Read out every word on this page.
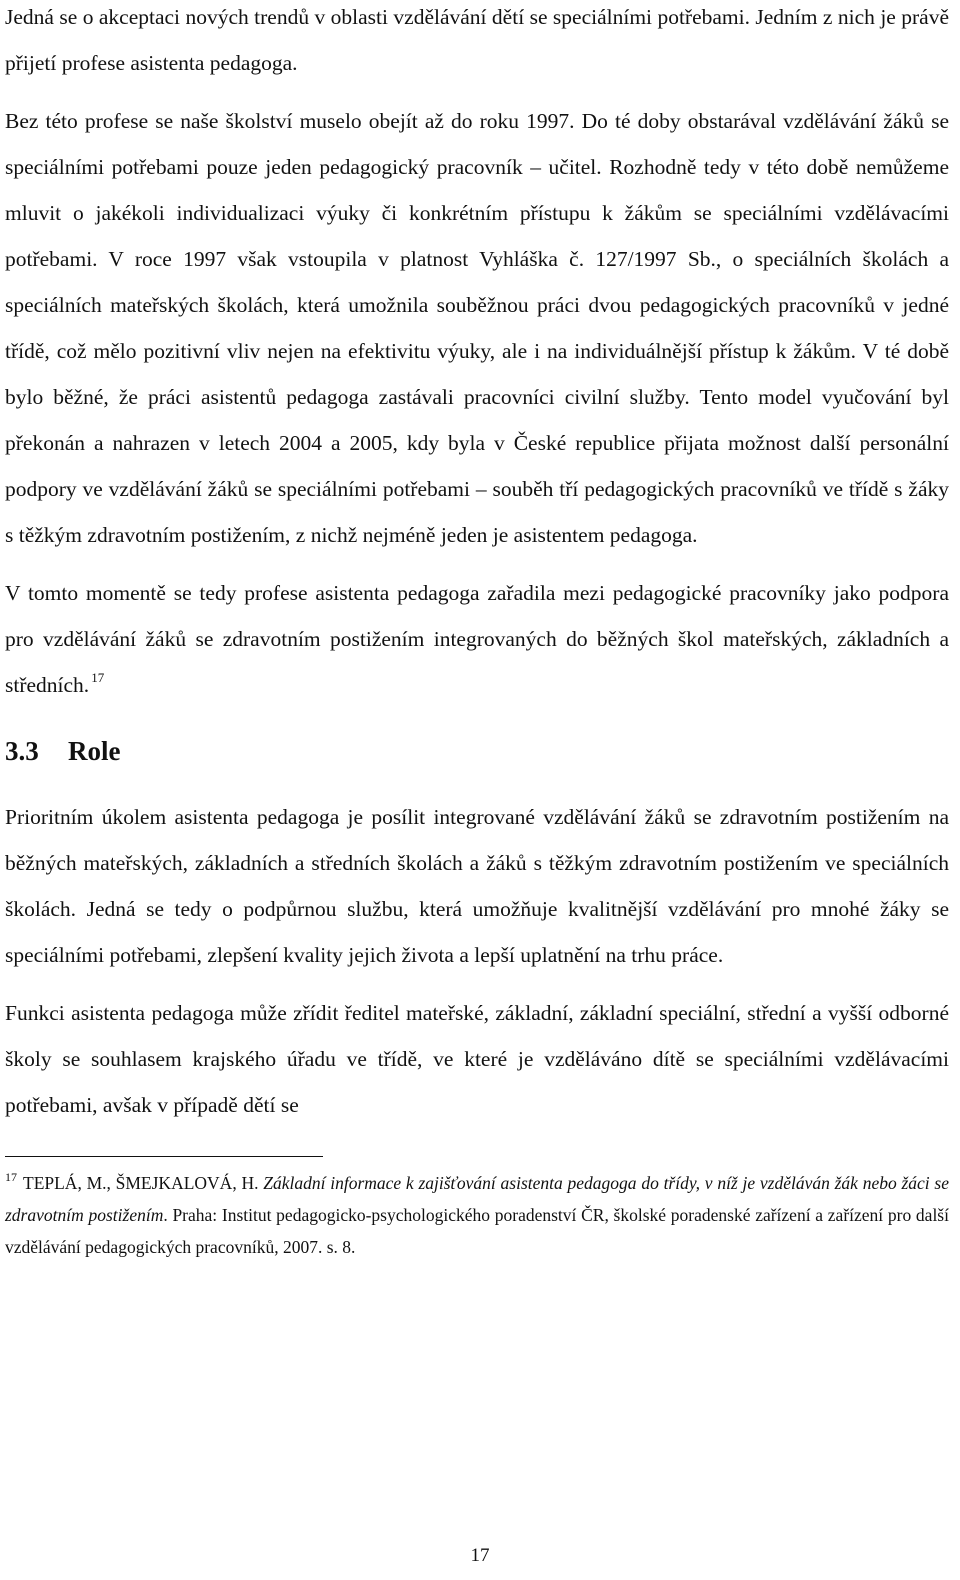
Jedná se o akceptaci nových trendů v oblasti vzdělávání dětí se speciálními potřebami. Jedním z nich je právě přijetí profese asistenta pedagoga.

Bez této profese se naše školství muselo obejít až do roku 1997. Do té doby obstarával vzdělávání žáků se speciálními potřebami pouze jeden pedagogický pracovník – učitel. Rozhodně tedy v této době nemůžeme mluvit o jakékoli individualizaci výuky či konkrétním přístupu k žákům se speciálními vzdělávacími potřebami. V roce 1997 však vstoupila v platnost Vyhláška č. 127/1997 Sb., o speciálních školách a speciálních mateřských školách, která umožnila souběžnou práci dvou pedagogických pracovníků v jedné třídě, což mělo pozitivní vliv nejen na efektivitu výuky, ale i na individuálnější přístup k žákům. V té době bylo běžné, že práci asistentů pedagoga zastávali pracovníci civilní služby. Tento model vyučování byl překonán a nahrazen v letech 2004 a 2005, kdy byla v České republice přijata možnost další personální podpory ve vzdělávání žáků se speciálními potřebami – souběh tří pedagogických pracovníků ve třídě s žáky s těžkým zdravotním postižením, z nichž nejméně jeden je asistentem pedagoga.

V tomto momentě se tedy profese asistenta pedagoga zařadila mezi pedagogické pracovníky jako podpora pro vzdělávání žáků se zdravotním postižením integrovaných do běžných škol mateřských, základních a středních. $^{17}$

3.3 Role

Prioritním úkolem asistenta pedagoga je posílit integrované vzdělávání žáků se zdravotním postižením na běžných mateřských, základních a středních školách a žáků s těžkým zdravotním postižením ve speciálních školách. Jedná se tedy o podpůrnou službu, která umožňuje kvalitnější vzdělávání pro mnohé žáky se speciálními potřebami, zlepšení kvality jejich života a lepší uplatnění na trhu práce.

Funkci asistenta pedagoga může zřídit ředitel mateřské, základní, základní speciální, střední a vyšší odborné školy se souhlasem krajského úřadu ve třídě, ve které je vzděláváno dítě se speciálními vzdělávacími potřebami, avšak v případě dětí se

$^{17}$ TEPLÁ, M., ŠMEJKALOVÁ, H. Základní informace k zajišťování asistenta pedagoga do třídy, v níž je vzděláván žák nebo žáci se zdravotním postižením. Praha: Institut pedagogicko-psychologického poradenství ČR, školské poradenské zařízení a zařízení pro další vzdělávání pedagogických pracovníků, 2007. s. 8.

17
